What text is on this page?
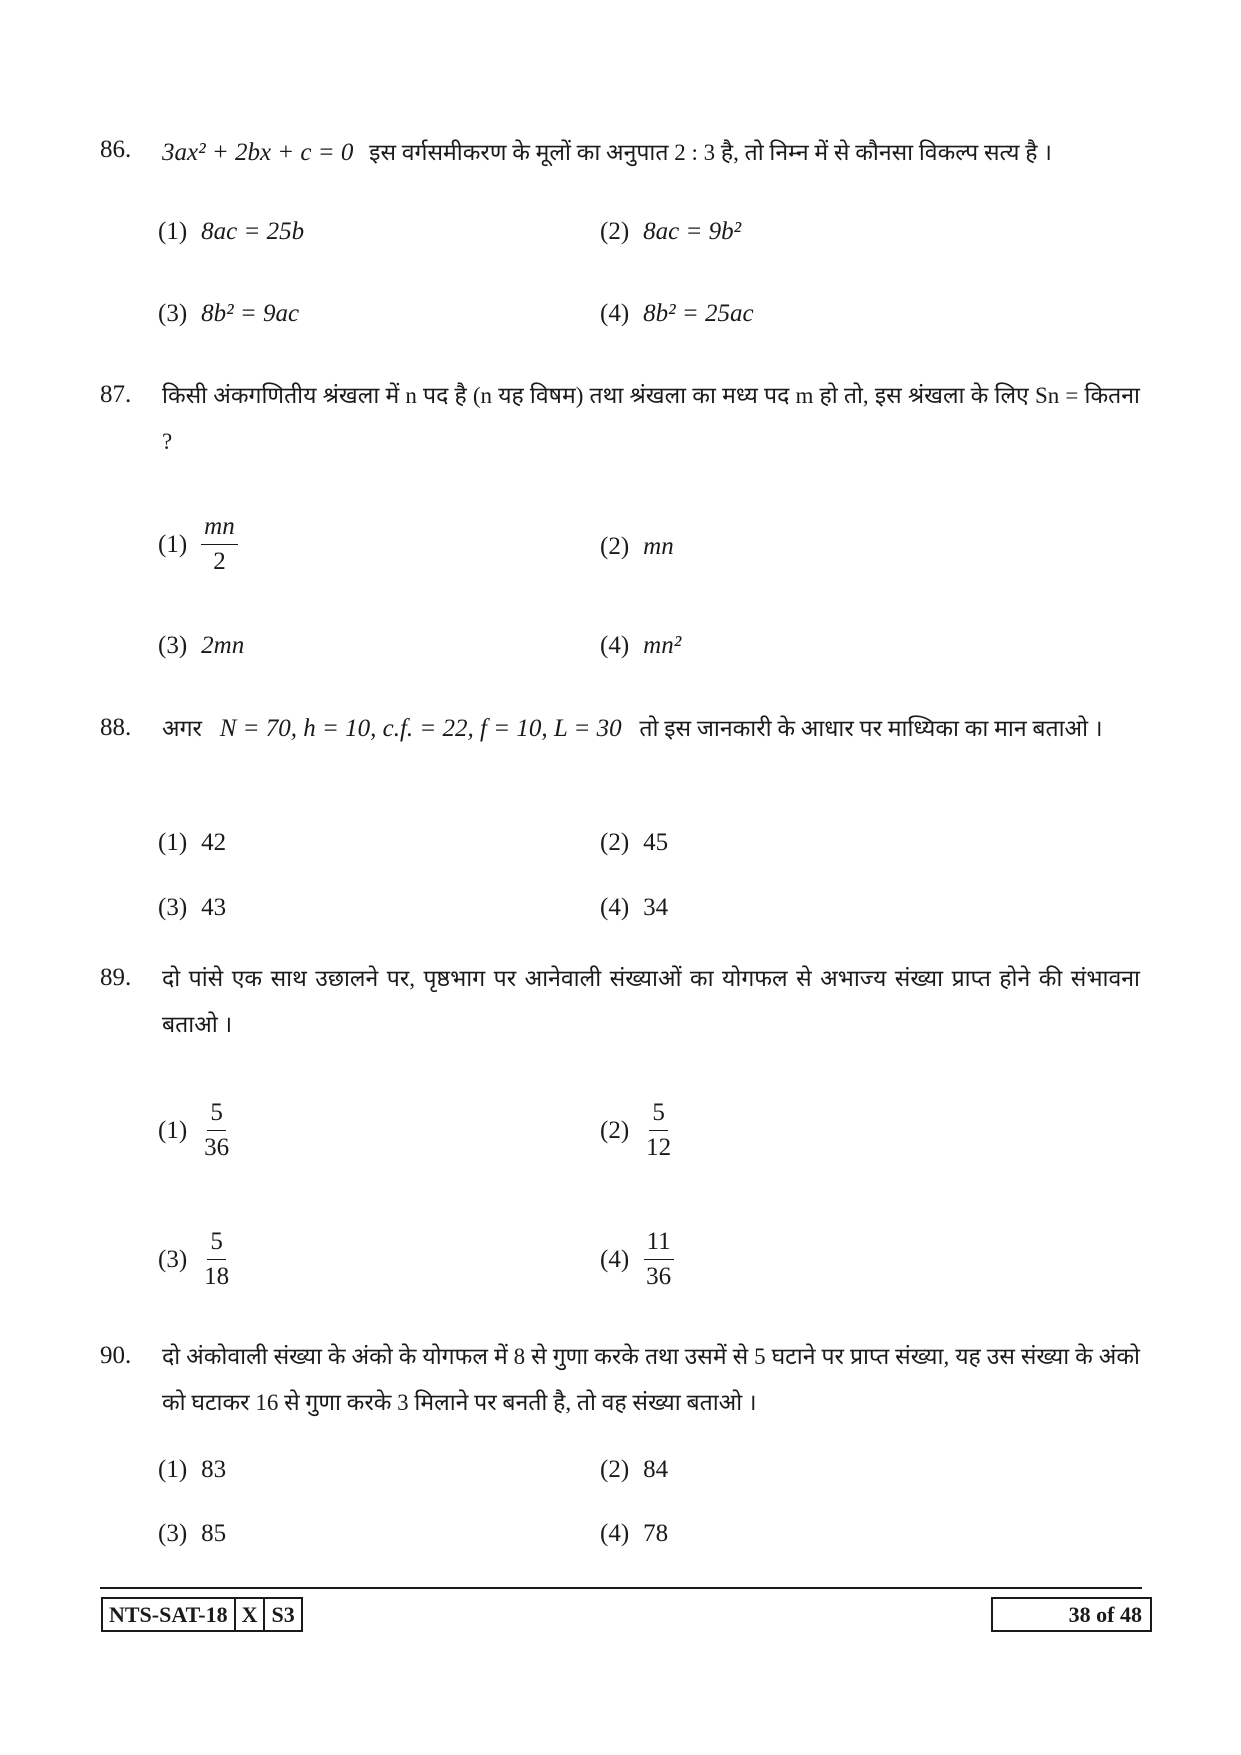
86. 3ax² + 2bx + c = 0 इस वर्गसमीकरण के मूलों का अनुपात 2 : 3 है, तो निम्न में से कौनसा विकल्प सत्य है ।
(1) 8ac = 25b	(2) 8ac = 9b²
(3) 8b² = 9ac	(4) 8b² = 25ac
87. किसी अंकगणितीय श्रंखला में n पद है (n यह विषम) तथा श्रंखला का मध्य पद m हो तो, इस श्रंखला के लिए Sn = कितना ?
$(1) \frac{mn}{2}$	(2) mn
(3) 2mn	(4) mn²
88. अगर N = 70, h = 10, c.f. = 22, f = 10, L = 30 तो इस जानकारी के आधार पर माध्यिका का मान बताओ ।
(1) 42	(2) 45
(3) 43	(4) 34
89. दो पांसे एक साथ उछालने पर, पृष्ठभाग पर आनेवाली संख्याओं का योगफल से अभाज्य संख्या प्राप्त होने की संभावना बताओ ।
$(1) \frac{5}{36}$	$(2) \frac{5}{12}$
$(3) \frac{5}{18}$	$(4) \frac{11}{36}$
90. दो अंकोवाली संख्या के अंको के योगफल में 8 से गुणा करके तथा उसमें से 5 घटाने पर प्राप्त संख्या, यह उस संख्या के अंको को घटाकर 16 से गुणा करके 3 मिलाने पर बनती है, तो वह संख्या बताओ ।
(1) 83	(2) 84
(3) 85	(4) 78
NTS-SAT-18 X S3	38 of 48
